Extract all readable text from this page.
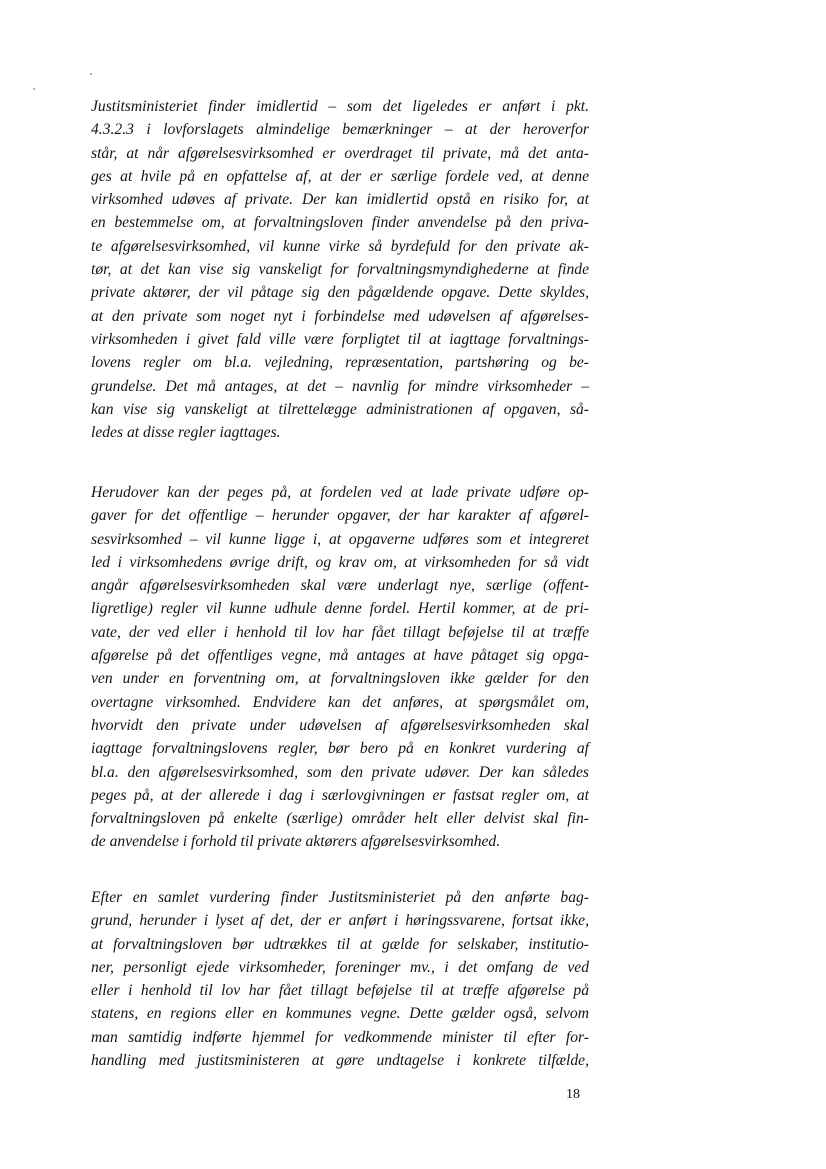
Justitsministeriet finder imidlertid – som det ligeledes er anført i pkt.
4.3.2.3 i lovforslagets almindelige bemærkninger – at der heroverfor
står, at når afgørelsesvirksomhed er overdraget til private, må det anta-
ges at hvile på en opfattelse af, at der er særlige fordele ved, at denne
virksomhed udøves af private. Der kan imidlertid opstå en risiko for, at
en bestemmelse om, at forvaltningsloven finder anvendelse på den priva-
te afgørelsesvirksomhed, vil kunne virke så byrdefuld for den private ak-
tør, at det kan vise sig vanskeligt for forvaltningsmyndighederne at finde
private aktører, der vil påtage sig den pågældende opgave. Dette skyldes,
at den private som noget nyt i forbindelse med udøvelsen af afgørelses-
virksomheden i givet fald ville være forpligtet til at iagttage forvaltnings-
lovens regler om bl.a. vejledning, repræsentation, partshøring og be-
grundelse. Det må antages, at det – navnlig for mindre virksomheder –
kan vise sig vanskeligt at tilrettelægge administrationen af opgaven, så-
ledes at disse regler iagttages.
Herudover kan der peges på, at fordelen ved at lade private udføre op-
gaver for det offentlige – herunder opgaver, der har karakter af afgørel-
sesvirksomhed – vil kunne ligge i, at opgaverne udføres som et integreret
led i virksomhedens øvrige drift, og krav om, at virksomheden for så vidt
angår afgørelsesvirksomheden skal være underlagt nye, særlige (offent-
ligretlige) regler vil kunne udhule denne fordel. Hertil kommer, at de pri-
vate, der ved eller i henhold til lov har fået tillagt beføjelse til at træffe
afgørelse på det offentliges vegne, må antages at have påtaget sig opga-
ven under en forventning om, at forvaltningsloven ikke gælder for den
overtagne virksomhed. Endvidere kan det anføres, at spørgsmålet om,
hvorvidt den private under udøvelsen af afgørelsesvirksomheden skal
iagttage forvaltningslovens regler, bør bero på en konkret vurdering af
bl.a. den afgørelsesvirksomhed, som den private udøver. Der kan således
peges på, at der allerede i dag i særlovgivningen er fastsat regler om, at
forvaltningsloven på enkelte (særlige) områder helt eller delvist skal fin-
de anvendelse i forhold til private aktørers afgørelsesvirksomhed.
Efter en samlet vurdering finder Justitsministeriet på den anførte bag-
grund, herunder i lyset af det, der er anført i høringssvarene, fortsat ikke,
at forvaltningsloven bør udtrækkes til at gælde for selskaber, institutio-
ner, personligt ejede virksomheder, foreninger mv., i det omfang de ved
eller i henhold til lov har fået tillagt beføjelse til at træffe afgørelse på
statens, en regions eller en kommunes vegne. Dette gælder også, selvom
man samtidig indførte hjemmel for vedkommende minister til efter for-
handling med justitsministeren at gøre undtagelse i konkrete tilfælde,
18
